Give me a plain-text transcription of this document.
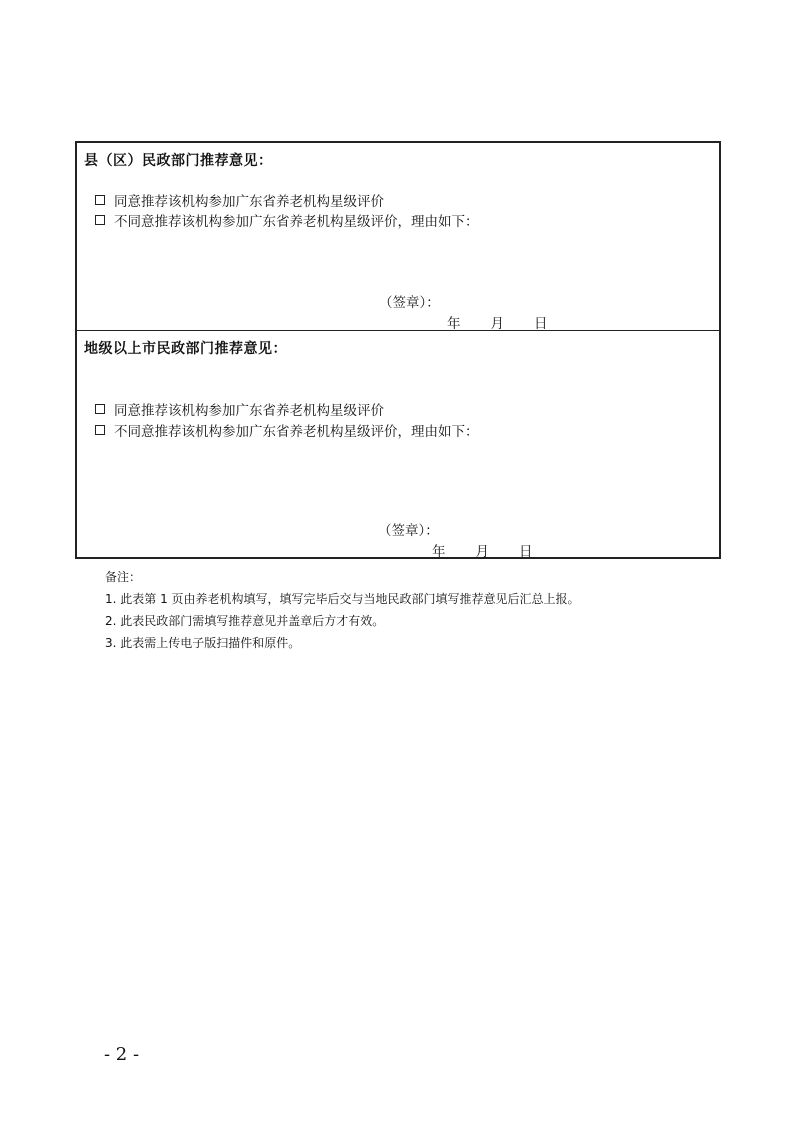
县（区）民政部门推荐意见：
同意推荐该机构参加广东省养老机构星级评价
不同意推荐该机构参加广东省养老机构星级评价，理由如下：
（签章）：
年 月 日
地级以上市民政部门推荐意见：
同意推荐该机构参加广东省养老机构星级评价
不同意推荐该机构参加广东省养老机构星级评价，理由如下：
（签章）：
年 月 日
备注：
1. 此表第 1 页由养老机构填写，填写完毕后交与当地民政部门填写推荐意见后汇总上报。
2. 此表民政部门需填写推荐意见并盖章后方才有效。
3. 此表需上传电子版扫描件和原件。
- 2 -
